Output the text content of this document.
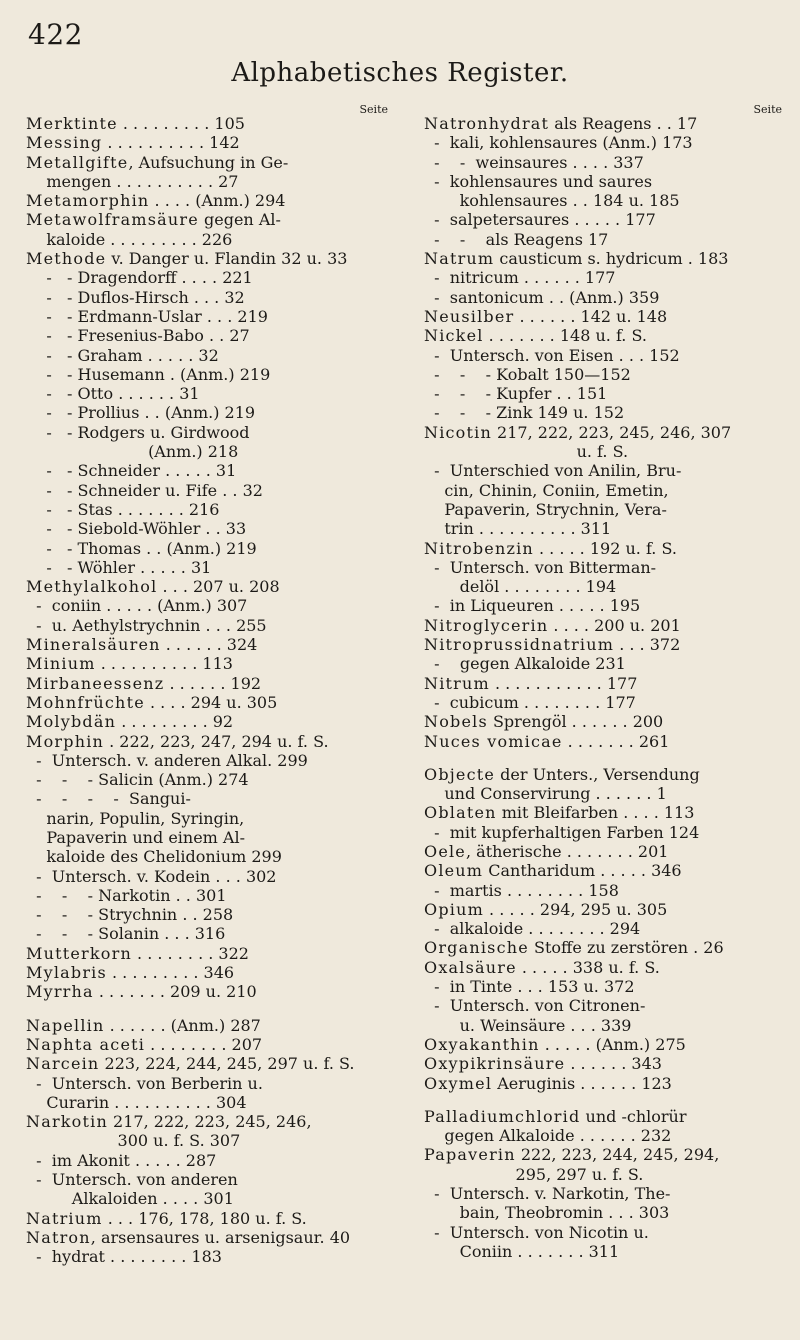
422
Alphabetisches Register.
Seite
Merktinte . . . . . . . . . 105
Messing . . . . . . . . . . 142
Metallgifte, Aufsuchung in Ge-
mengen . . . . . . . . . . 27
Metamorphin . . . . (Anm.) 294
Metawolframsäure gegen Al-
kaloide . . . . . . . . . 226
Methode v. Danger u. Flandin 32 u. 33
-   - Dragendorff . . . . 221
-   - Duflos-Hirsch . . . 32
-   - Erdmann-Uslar . . . 219
-   - Fresenius-Babo . . 27
-   - Graham . . . . . 32
-   - Husemann . (Anm.) 219
-   - Otto . . . . . . 31
-   - Prollius . . (Anm.) 219
-   - Rodgers u. Girdwood
(Anm.) 218
-   - Schneider . . . . . 31
-   - Schneider u. Fife . . 32
-   - Stas . . . . . . . 216
-   - Siebold-Wöhler . . 33
-   - Thomas . . (Anm.) 219
-   - Wöhler . . . . . 31
Methylalkohol . . . 207 u. 208
-  coniin . . . . . (Anm.) 307
-  u. Aethylstrychnin . . . 255
Mineralsäuren . . . . . . 324
Minium . . . . . . . . . . 113
Mirbaneessenz . . . . . . 192
Mohnfrüchte . . . . 294 u. 305
Molybdän . . . . . . . . . 92
Morphin . 222, 223, 247, 294 u. f. S.
-  Untersch. v. anderen Alkal. 299
-    -    - Salicin (Anm.) 274
-    -    -    -  Sangui-
narin, Populin, Syringin,
Papaverin und einem Al-
kaloide des Chelidonium 299
-  Untersch. v. Kodein . . . 302
-    -    - Narkotin . . 301
-    -    - Strychnin . . 258
-    -    - Solanin . . . 316
Mutterkorn . . . . . . . . 322
Mylabris . . . . . . . . . 346
Myrrha . . . . . . . 209 u. 210
Napellin . . . . . . (Anm.) 287
Naphta aceti . . . . . . . . 207
Narcein 223, 224, 244, 245, 297 u. f. S.
-  Untersch. von Berberin u.
Curarin . . . . . . . . . . 304
Narkotin 217, 222, 223, 245, 246,
300 u. f. S. 307
-  im Akonit . . . . . 287
-  Untersch. von anderen
Alkaloiden . . . . 301
Natrium . . . 176, 178, 180 u. f. S.
Natron, arsensaures u. arsenigsaur. 40
-  hydrat . . . . . . . . 183
Seite
Natronhydrat als Reagens . . 17
-  kali, kohlensaures (Anm.) 173
-    -  weinsaures . . . . 337
-  kohlensaures und saures
kohlensaures . . 184 u. 185
-  salpetersaures . . . . . 177
-    -    als Reagens 17
Natrum causticum s. hydricum . 183
-  nitricum . . . . . . 177
-  santonicum . . (Anm.) 359
Neusilber . . . . . . 142 u. 148
Nickel . . . . . . . 148 u. f. S.
-  Untersch. von Eisen . . . 152
-    -    - Kobalt 150—152
-    -    - Kupfer . . 151
-    -    - Zink 149 u. 152
Nicotin 217, 222, 223, 245, 246, 307
u. f. S.
-  Unterschied von Anilin, Bru-
cin, Chinin, Coniin, Emetin,
Papaverin, Strychnin, Vera-
trin . . . . . . . . . . 311
Nitrobenzin . . . . . 192 u. f. S.
-  Untersch. von Bitterman-
delöl . . . . . . . . 194
-  in Liqueuren . . . . . 195
Nitroglycerin . . . . 200 u. 201
Nitroprussidnatrium . . . 372
-    gegen Alkaloide 231
Nitrum . . . . . . . . . . . 177
-  cubicum . . . . . . . . 177
Nobels Sprengöl . . . . . . 200
Nuces vomicae . . . . . . . 261
Objecte der Unters., Versendung
und Conservirung . . . . . . 1
Oblaten mit Bleifarben . . . . 113
-  mit kupferhaltigen Farben 124
Oele, ätherische . . . . . . . 201
Oleum Cantharidum . . . . . 346
-  martis . . . . . . . . 158
Opium . . . . . 294, 295 u. 305
-  alkaloide . . . . . . . . 294
Organische Stoffe zu zerstören . 26
Oxalsäure . . . . . 338 u. f. S.
-  in Tinte . . . 153 u. 372
-  Untersch. von Citronen-
u. Weinsäure . . . 339
Oxyakanthin . . . . . (Anm.) 275
Oxypikrinsäure . . . . . . 343
Oxymel Aeruginis . . . . . . 123
Palladiumchlorid und -chlorür
gegen Alkaloide . . . . . . 232
Papaverin 222, 223, 244, 245, 294,
295, 297 u. f. S.
-  Untersch. v. Narkotin, The-
bain, Theobromin . . . 303
-  Untersch. von Nicotin u.
Coniin . . . . . . . 311
